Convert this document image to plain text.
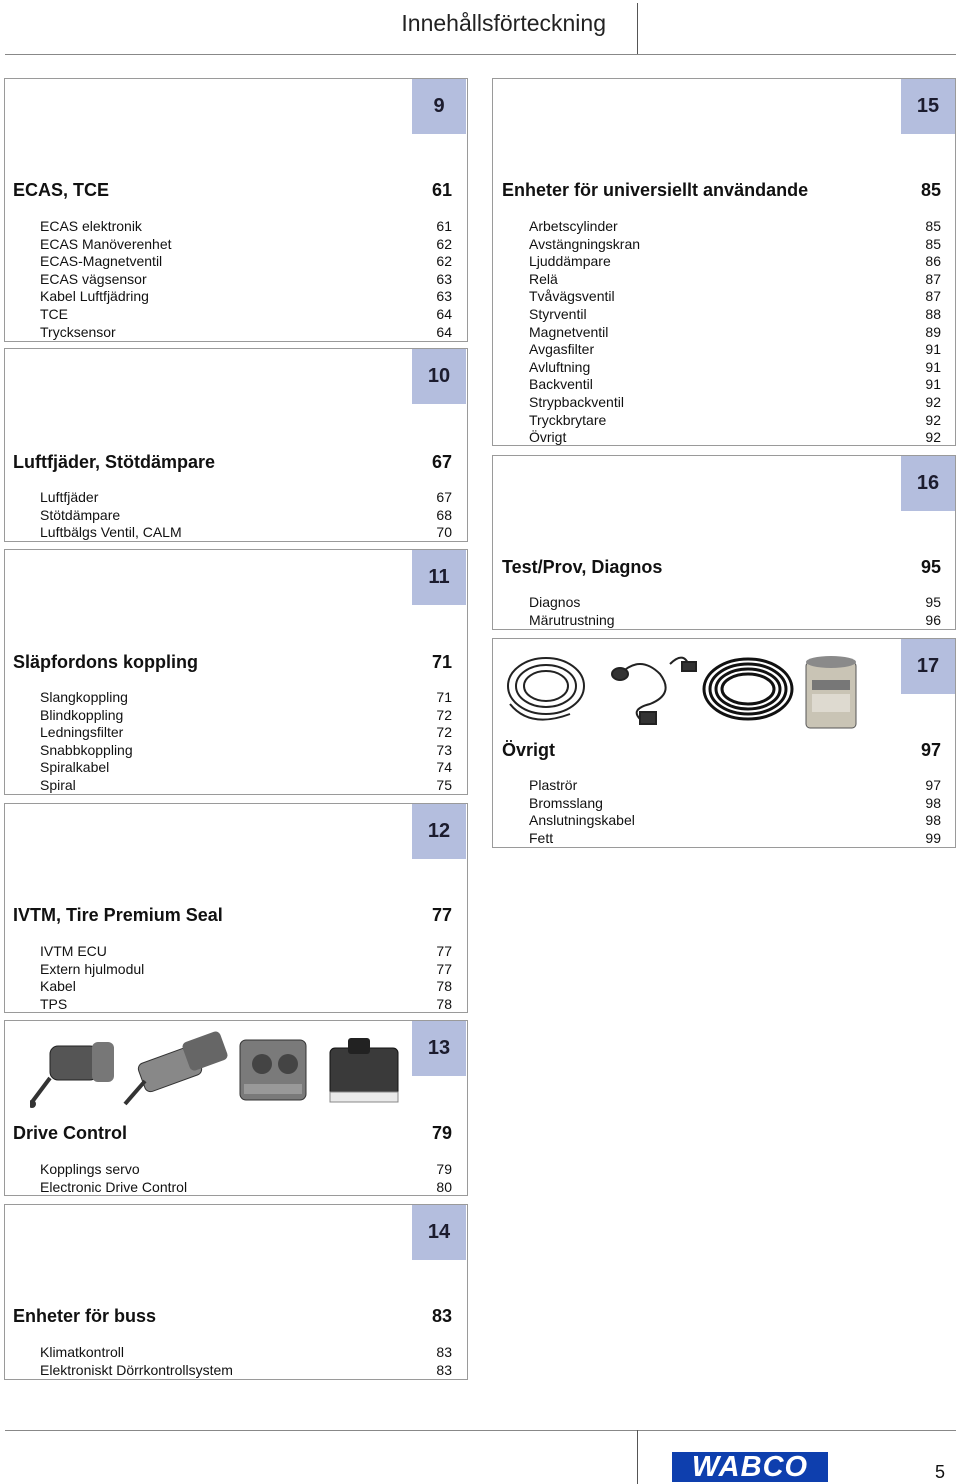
Innehållsförteckning
9
10
11
12
13
14
15
16
17
ECAS, TCE	61
Luftfjäder, Stötdämpare	67
Släpfordons koppling	71
IVTM, Tire Premium Seal	77
Drive Control	79
Enheter för buss	83
Enheter för universiellt användande	85
Test/Prov, Diagnos	95
Övrigt	97
WABCO	5
ECAS elektronik	61
ECAS Manöverenhet	62
ECAS-Magnetventil	62
ECAS vägsensor	63
Kabel Luftfjädring	63
TCE	64
Trycksensor	64
Luftfjäder	67
Stötdämpare	68
Luftbälgs Ventil, CALM	70
Slangkoppling	71
Blindkoppling	72
Ledningsfilter	72
Snabbkoppling	73
Spiralkabel	74
Spiral	75
IVTM ECU	77
Extern hjulmodul	77
Kabel	78
TPS	78
Kopplings servo	79
Electronic Drive Control	80
Klimatkontroll	83
Elektroniskt Dörrkontrollsystem	83
Arbetscylinder	85
Avstängningskran	85
Ljuddämpare	86
Relä	87
Tvåvägsventil	87
Styrventil	88
Magnetventil	89
Avgasfilter	91
Avluftning	91
Backventil	91
Strypbackventil	92
Tryckbrytare	92
Övrigt	92
Diagnos	95
Märutrustning	96
Plaströr	97
Bromsslang	98
Anslutningskabel	98
Fett	99
